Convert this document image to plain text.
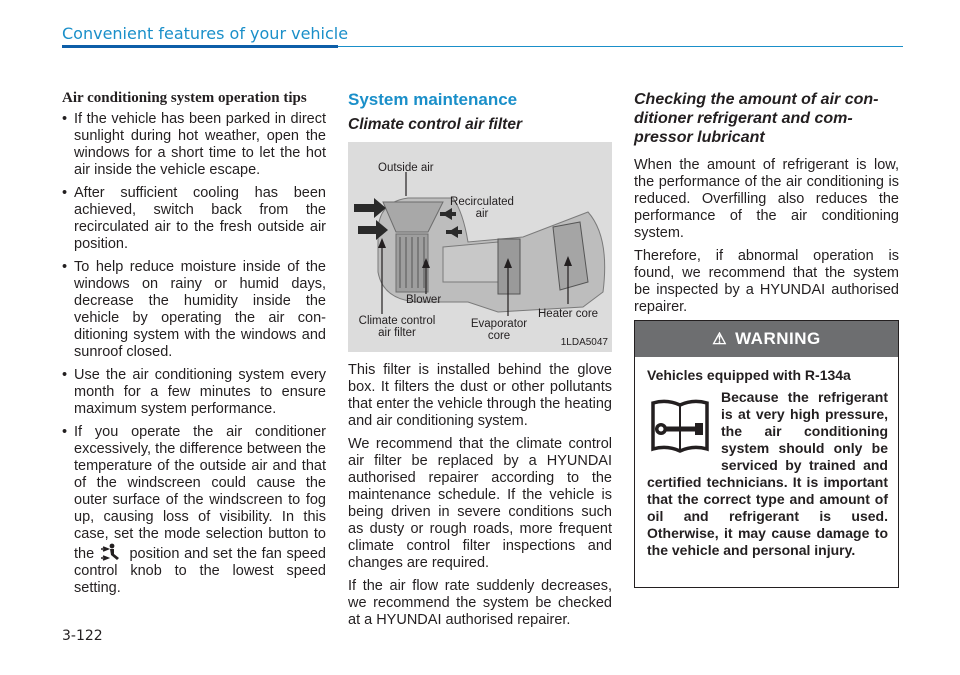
Convenient features of your vehicle
Air conditioning system operation tips
• If the vehicle has been parked in direct sunlight during hot weather, open the windows for a short time to let the hot air inside the vehicle escape.
• After sufficient cooling has been achieved, switch back from the recirculated air to the fresh outside air position.
• To help reduce moisture inside of the windows on rainy or humid days, decrease the humidity inside the vehicle by operating the air conditioning system with the windows and sunroof closed.
• Use the air conditioning system every month for a few minutes to ensure maximum system performance.
• If you operate the air conditioner excessively, the difference between the temperature of the outside air and that of the windscreen could cause the outer surface of the windscreen to fog up, causing loss of visibility. In this case, set the mode selection button to the position and set the fan speed control knob to the lowest speed setting.
System maintenance
Climate control air filter
Outside air
Recirculated
air
Blower
Climate control
air filter
Evaporator
core
Heater core
1LDA5047

This filter is installed behind the glove box. It filters the dust or other pollutants that enter the vehicle through the heating and air conditioning system.

We recommend that the climate control air filter be replaced by a HYUNDAI authorised repairer according to the maintenance schedule. If the vehicle is being driven in severe conditions such as dusty or rough roads, more frequent climate control filter inspections and changes are required.

If the air flow rate suddenly decreases, we recommend the system be checked at a HYUNDAI authorised repairer.

Checking the amount of air conditioner refrigerant and compressor lubricant

When the amount of refrigerant is low, the performance of the air conditioning is reduced. Overfilling also reduces the performance of the air conditioning system.

Therefore, if abnormal operation is found, we recommend that the system be inspected by a HYUNDAI authorised repairer.

⚠ WARNING
Vehicles equipped with R-134a
Because the refrigerant is at very high pressure, the air conditioning system should only be serviced by trained and certified technicians. It is important that the correct type and amount of oil and refrigerant is used. Otherwise, it may cause damage to the vehicle and personal injury.
3-122
